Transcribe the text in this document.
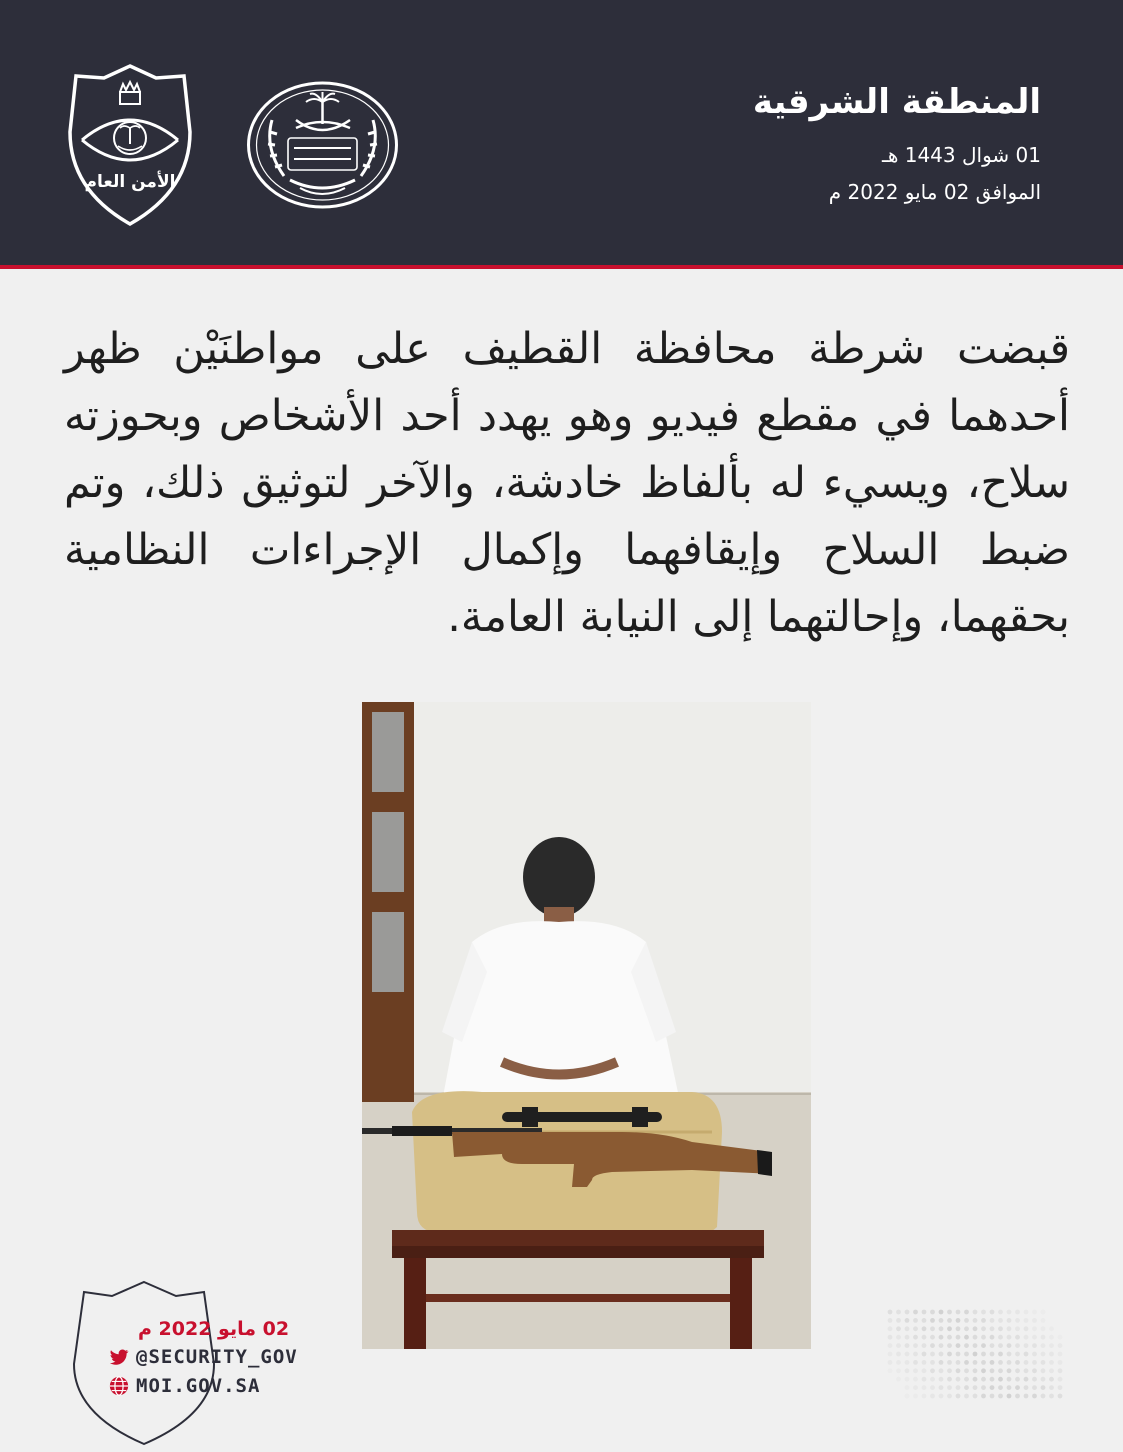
المنطقة الشرقية
01 شوال 1443 هـ
الموافق 02 مايو 2022 م
الأمن العام
قبضت شرطة محافظة القطيف على مواطنَيْن ظهر أحدهما في مقطع فيديو وهو يهدد أحد الأشخاص وبحوزته سلاح، ويسيء له بألفاظ خادشة، والآخر لتوثيق ذلك، وتم ضبط السلاح وإيقافهما وإكمال الإجراءات النظامية بحقهما، وإحالتهما إلى النيابة العامة.
02 مايو 2022 م
@SECURITY_GOV
MOI.GOV.SA
